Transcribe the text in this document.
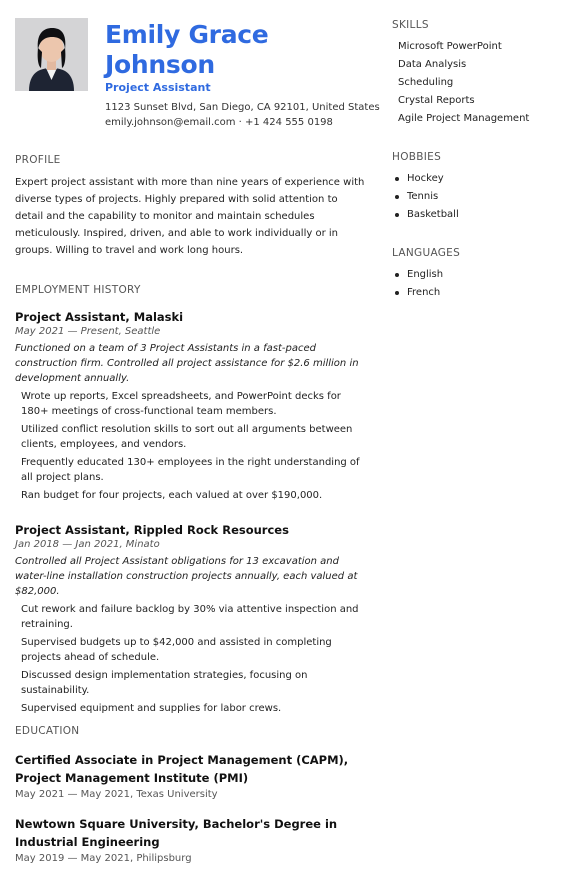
Emily Grace
Johnson
Project Assistant
1123 Sunset Blvd, San Diego, CA 92101, United States
emily.johnson@email.com · +1 424 555 0198
PROFILE
Expert project assistant with more than nine years of experience with diverse types of projects. Highly prepared with solid attention to detail and the capability to monitor and maintain schedules meticulously. Inspired, driven, and able to work individually or in groups. Willing to travel and work long hours.
EMPLOYMENT HISTORY
Project Assistant, Malaski
May 2021 — Present, Seattle
Functioned on a team of 3 Project Assistants in a fast-paced construction firm. Controlled all project assistance for $2.6 million in development annually.
Wrote up reports, Excel spreadsheets, and PowerPoint decks for 180+ meetings of cross-functional team members.
Utilized conflict resolution skills to sort out all arguments between clients, employees, and vendors.
Frequently educated 130+ employees in the right understanding of all project plans.
Ran budget for four projects, each valued at over $190,000.
Project Assistant, Rippled Rock Resources
Jan 2018 — Jan 2021, Minato
Controlled all Project Assistant obligations for 13 excavation and water-line installation construction projects annually, each valued at $82,000.
Cut rework and failure backlog by 30% via attentive inspection and retraining.
Supervised budgets up to $42,000 and assisted in completing projects ahead of schedule.
Discussed design implementation strategies, focusing on sustainability.
Supervised equipment and supplies for labor crews.
EDUCATION
Certified Associate in Project Management (CAPM), Project Management Institute (PMI)
May 2021 — May 2021, Texas University
Newtown Square University, Bachelor's Degree in Industrial Engineering
May 2019 — May 2021, Philipsburg
SKILLS
Microsoft PowerPoint
Data Analysis
Scheduling
Crystal Reports
Agile Project Management
HOBBIES
Hockey
Tennis
Basketball
LANGUAGES
English
French
